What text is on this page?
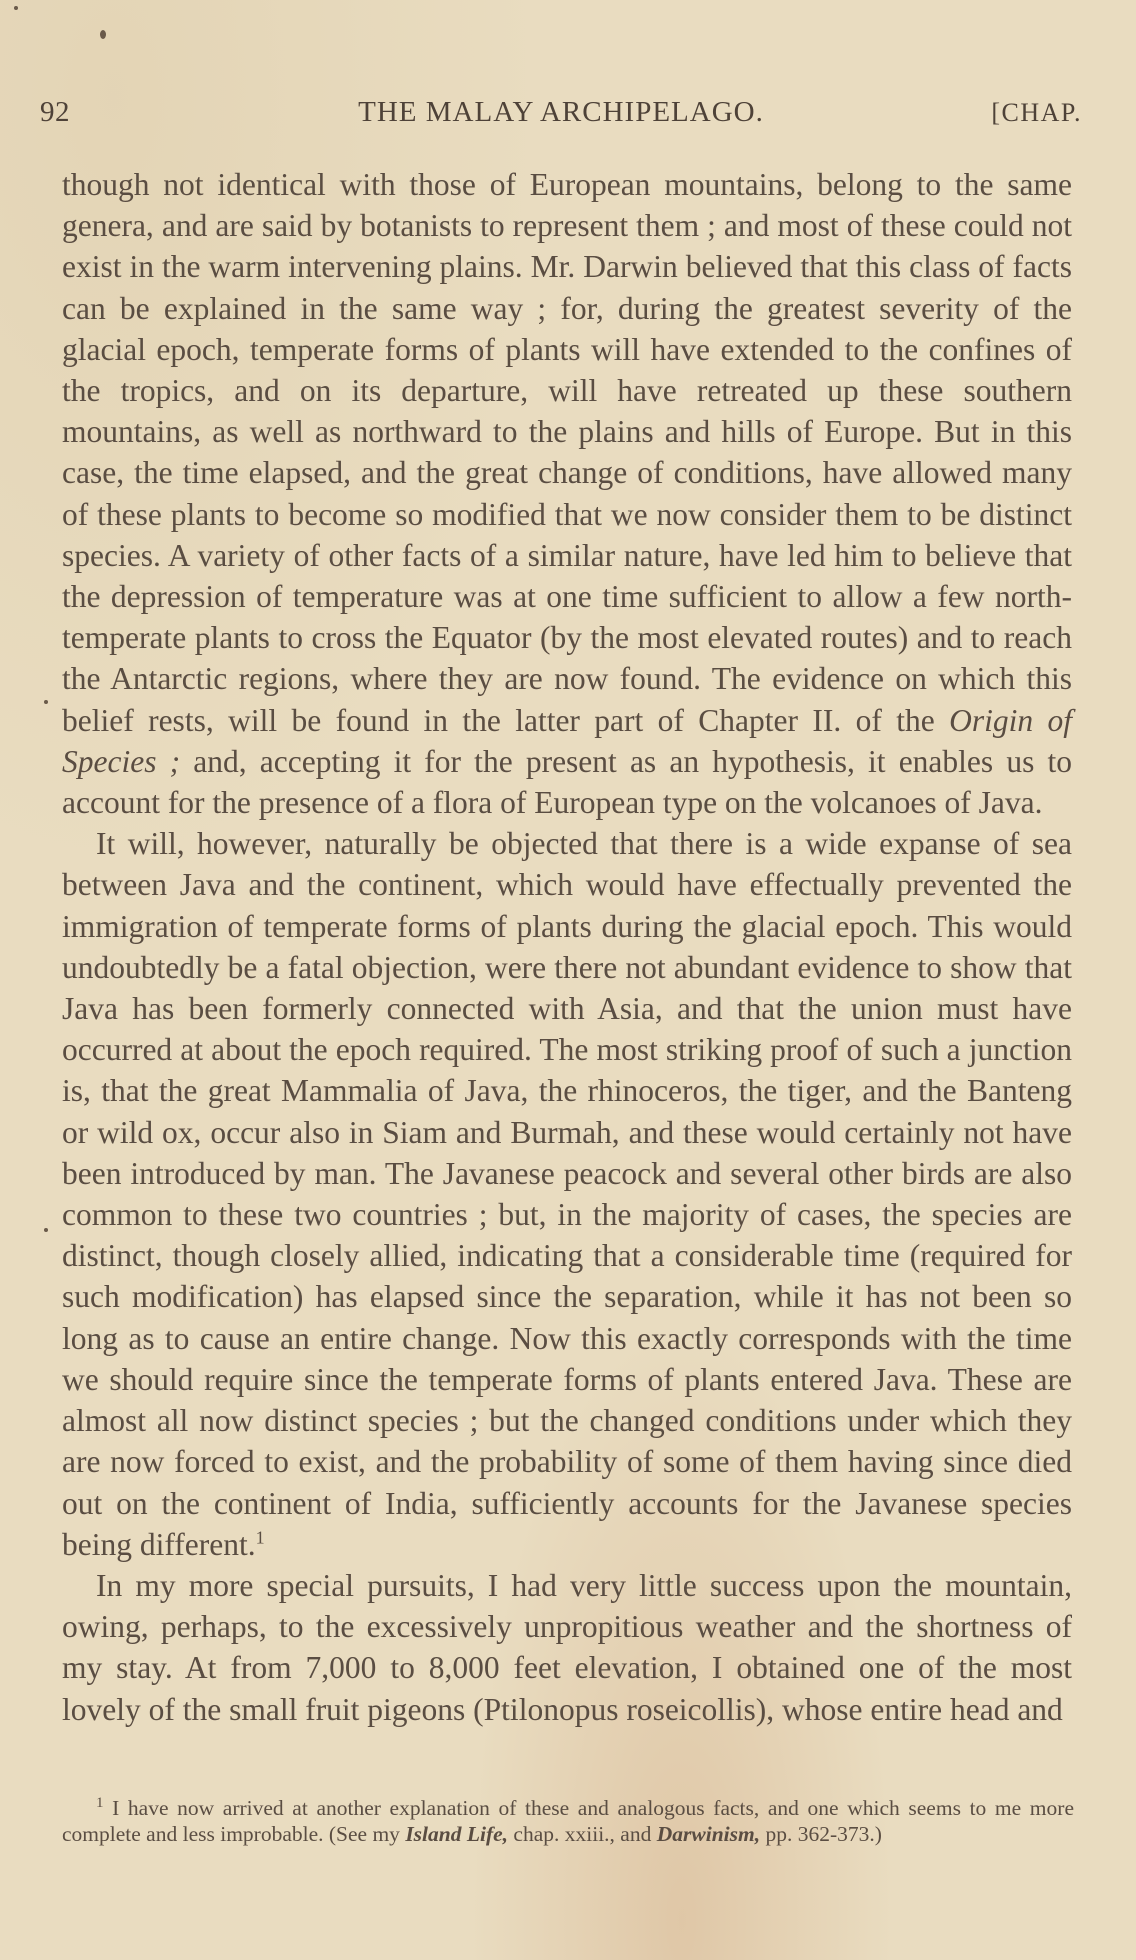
92	THE MALAY ARCHIPELAGO.	[CHAP.

though not identical with those of European mountains, belong to the same genera, and are said by botanists to represent them ; and most of these could not exist in the warm intervening plains. Mr. Darwin believed that this class of facts can be explained in the same way ; for, during the greatest severity of the glacial epoch, temperate forms of plants will have extended to the confines of the tropics, and on its departure, will have retreated up these southern mountains, as well as northward to the plains and hills of Europe. But in this case, the time elapsed, and the great change of conditions, have allowed many of these plants to become so modified that we now consider them to be distinct species. A variety of other facts of a similar nature, have led him to believe that the depression of temperature was at one time sufficient to allow a few north-temperate plants to cross the Equator (by the most elevated routes) and to reach the Antarctic regions, where they are now found. The evidence on which this belief rests, will be found in the latter part of Chapter II. of the Origin of Species ; and, accepting it for the present as an hypothesis, it enables us to account for the presence of a flora of European type on the volcanoes of Java.

It will, however, naturally be objected that there is a wide expanse of sea between Java and the continent, which would have effectually prevented the immigration of temperate forms of plants during the glacial epoch. This would undoubtedly be a fatal objection, were there not abundant evidence to show that Java has been formerly connected with Asia, and that the union must have occurred at about the epoch required. The most striking proof of such a junction is, that the great Mammalia of Java, the rhinoceros, the tiger, and the Banteng or wild ox, occur also in Siam and Burmah, and these would certainly not have been introduced by man. The Javanese peacock and several other birds are also common to these two countries ; but, in the majority of cases, the species are distinct, though closely allied, indicating that a considerable time (required for such modification) has elapsed since the separation, while it has not been so long as to cause an entire change. Now this exactly corresponds with the time we should require since the temperate forms of plants entered Java. These are almost all now distinct species ; but the changed conditions under which they are now forced to exist, and the probability of some of them having since died out on the continent of India, sufficiently accounts for the Javanese species being different.$^1$

In my more special pursuits, I had very little success upon the mountain, owing, perhaps, to the excessively unpropitious weather and the shortness of my stay. At from 7,000 to 8,000 feet elevation, I obtained one of the most lovely of the small fruit pigeons (Ptilonopus roseicollis), whose entire head and

$^1$ I have now arrived at another explanation of these and analogous facts, and one which seems to me more complete and less improbable. (See my Island Life, chap. xxiii., and Darwinism, pp. 362-373.)
